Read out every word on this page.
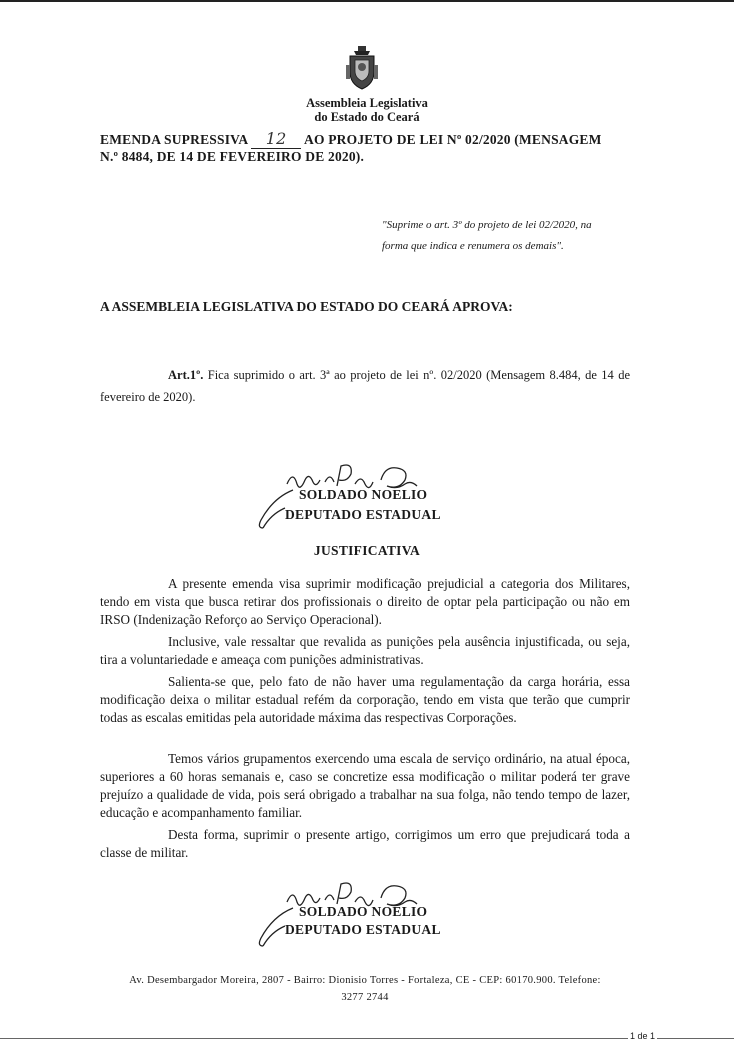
Assembleia Legislativa
do Estado do Ceará
EMENDA SUPRESSIVA 12 AO PROJETO DE LEI Nº 02/2020 (MENSAGEM
N.º 8484, DE 14 DE FEVEREIRO DE 2020).
"Suprime o art. 3º do projeto de lei 02/2020, na
forma que indica e renumera os demais".
A ASSEMBLEIA LEGISLATIVA DO ESTADO DO CEARÁ APROVA:
Art.1º. Fica suprimido o art. 3ª ao projeto de lei nº. 02/2020 (Mensagem 8.484, de 14 de fevereiro de 2020).
SOLDADO NOELIO
DEPUTADO ESTADUAL
JUSTIFICATIVA
A presente emenda visa suprimir modificação prejudicial a categoria dos Militares, tendo em vista que busca retirar dos profissionais o direito de optar pela participação ou não em IRSO (Indenização Reforço ao Serviço Operacional).
Inclusive, vale ressaltar que revalida as punições pela ausência injustificada, ou seja, tira a voluntariedade e ameaça com punições administrativas.
Salienta-se que, pelo fato de não haver uma regulamentação da carga horária, essa modificação deixa o militar estadual refém da corporação, tendo em vista que terão que cumprir todas as escalas emitidas pela autoridade máxima das respectivas Corporações.
Temos vários grupamentos exercendo uma escala de serviço ordinário, na atual época, superiores a 60 horas semanais e, caso se concretize essa modificação o militar poderá ter grave prejuízo a qualidade de vida, pois será obrigado a trabalhar na sua folga, não tendo tempo de lazer, educação e acompanhamento familiar.
Desta forma, suprimir o presente artigo, corrigimos um erro que prejudicará toda a classe de militar.
SOLDADO NOELIO
DEPUTADO ESTADUAL
Av. Desembargador Moreira, 2807 - Bairro: Dionisio Torres - Fortaleza, CE - CEP: 60170.900. Telefone:
3277 2744
1 de 1
